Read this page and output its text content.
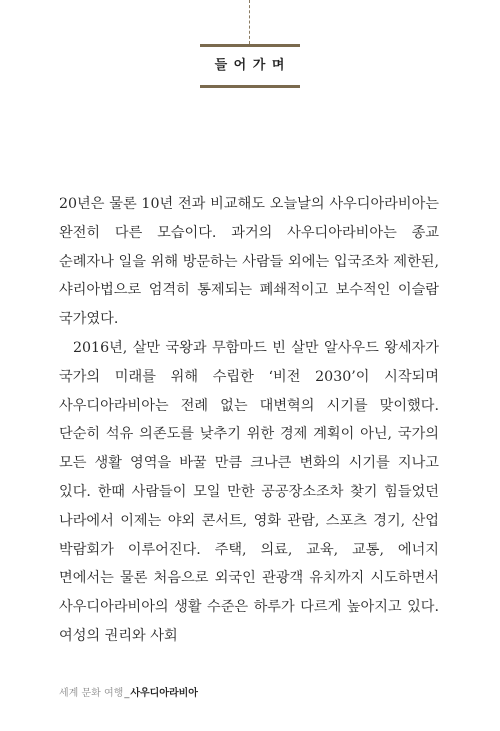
들 어 가 며

20년은 물론 10년 전과 비교해도 오늘날의 사우디아라비아는 완전히 다른 모습이다. 과거의 사우디아라비아는 종교 순례자나 일을 위해 방문하는 사람들 외에는 입국조차 제한된, 샤리아법으로 엄격히 통제되는 폐쇄적이고 보수적인 이슬람 국가였다.

2016년, 살만 국왕과 무함마드 빈 살만 알사우드 왕세자가 국가의 미래를 위해 수립한 ‘비전 2030’이 시작되며 사우디아라비아는 전례 없는 대변혁의 시기를 맞이했다. 단순히 석유 의존도를 낮추기 위한 경제 계획이 아닌, 국가의 모든 생활 영역을 바꿀 만큼 크나큰 변화의 시기를 지나고 있다. 한때 사람들이 모일 만한 공공장소조차 찾기 힘들었던 나라에서 이제는 야외 콘서트, 영화 관람, 스포츠 경기, 산업 박람회가 이루어진다. 주택, 의료, 교육, 교통, 에너지 면에서는 물론 처음으로 외국인 관광객 유치까지 시도하면서 사우디아라비아의 생활 수준은 하루가 다르게 높아지고 있다. 여성의 권리와 사회

세계 문화 여행_사우디아라비아
